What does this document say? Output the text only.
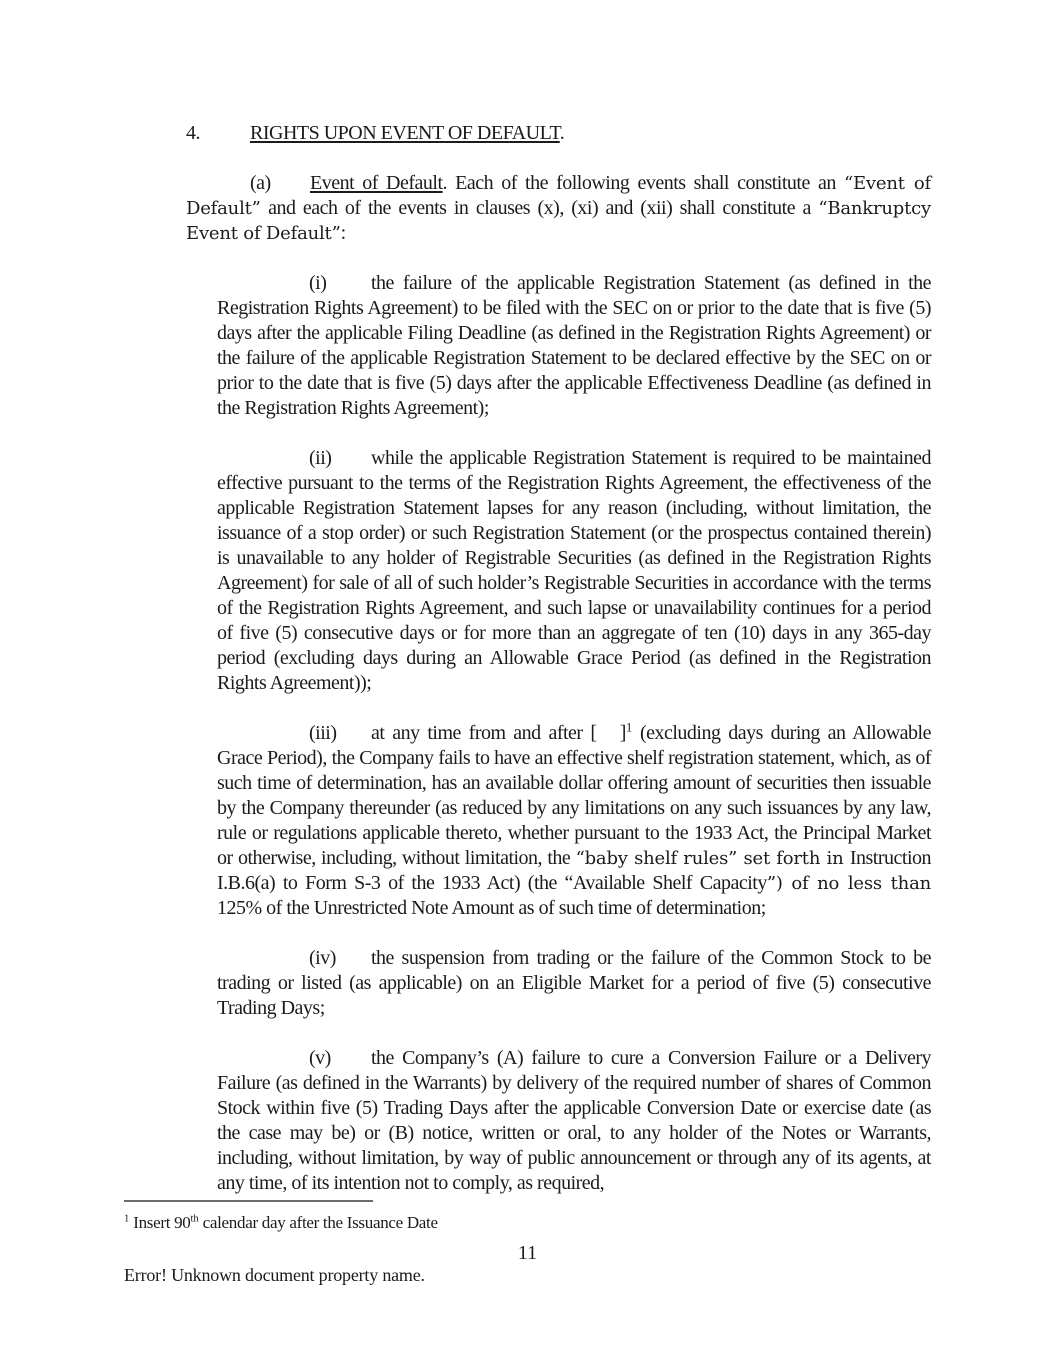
4.	RIGHTS UPON EVENT OF DEFAULT.

(a) Event of Default. Each of the following events shall constitute an “Event of Default” and each of the events in clauses (x), (xi) and (xii) shall constitute a “Bankruptcy Event of Default”:

(i) the failure of the applicable Registration Statement (as defined in the Registration Rights Agreement) to be filed with the SEC on or prior to the date that is five (5) days after the applicable Filing Deadline (as defined in the Registration Rights Agreement) or the failure of the applicable Registration Statement to be declared effective by the SEC on or prior to the date that is five (5) days after the applicable Effectiveness Deadline (as defined in the Registration Rights Agreement);

(ii) while the applicable Registration Statement is required to be maintained effective pursuant to the terms of the Registration Rights Agreement, the effectiveness of the applicable Registration Statement lapses for any reason (including, without limitation, the issuance of a stop order) or such Registration Statement (or the prospectus contained therein) is unavailable to any holder of Registrable Securities (as defined in the Registration Rights Agreement) for sale of all of such holder’s Registrable Securities in accordance with the terms of the Registration Rights Agreement, and such lapse or unavailability continues for a period of five (5) consecutive days or for more than an aggregate of ten (10) days in any 365-day period (excluding days during an Allowable Grace Period (as defined in the Registration Rights Agreement));

(iii) at any time from and after [   ]$^1$ (excluding days during an Allowable Grace Period), the Company fails to have an effective shelf registration statement, which, as of such time of determination, has an available dollar offering amount of securities then issuable by the Company thereunder (as reduced by any limitations on any such issuances by any law, rule or regulations applicable thereto, whether pursuant to the 1933 Act, the Principal Market or otherwise, including, without limitation, the “baby shelf rules” set forth in Instruction I.B.6(a) to Form S-3 of the 1933 Act) (the “Available Shelf Capacity”) of no less than 125% of the Unrestricted Note Amount as of such time of determination;

(iv) the suspension from trading or the failure of the Common Stock to be trading or listed (as applicable) on an Eligible Market for a period of five (5) consecutive Trading Days;

(v) the Company’s (A) failure to cure a Conversion Failure or a Delivery Failure (as defined in the Warrants) by delivery of the required number of shares of Common Stock within five (5) Trading Days after the applicable Conversion Date or exercise date (as the case may be) or (B) notice, written or oral, to any holder of the Notes or Warrants, including, without limitation, by way of public announcement or through any of its agents, at any time, of its intention not to comply, as required,

$^1$ Insert 90th calendar day after the Issuance Date
11
Error! Unknown document property name.
